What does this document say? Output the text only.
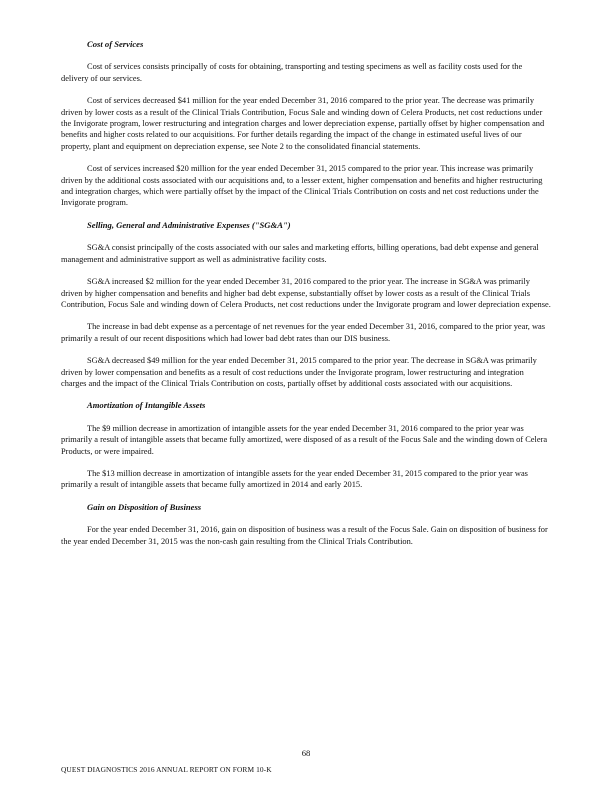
Cost of Services

Cost of services consists principally of costs for obtaining, transporting and testing specimens as well as facility costs used for the delivery of our services.

Cost of services decreased $41 million for the year ended December 31, 2016 compared to the prior year. The decrease was primarily driven by lower costs as a result of the Clinical Trials Contribution, Focus Sale and winding down of Celera Products, net cost reductions under the Invigorate program, lower restructuring and integration charges and lower depreciation expense, partially offset by higher compensation and benefits and higher costs related to our acquisitions. For further details regarding the impact of the change in estimated useful lives of our property, plant and equipment on depreciation expense, see Note 2 to the consolidated financial statements.

Cost of services increased $20 million for the year ended December 31, 2015 compared to the prior year. This increase was primarily driven by the additional costs associated with our acquisitions and, to a lesser extent, higher compensation and benefits and higher restructuring and integration charges, which were partially offset by the impact of the Clinical Trials Contribution on costs and net cost reductions under the Invigorate program.

Selling, General and Administrative Expenses ("SG&A")

SG&A consist principally of the costs associated with our sales and marketing efforts, billing operations, bad debt expense and general management and administrative support as well as administrative facility costs.

SG&A increased $2 million for the year ended December 31, 2016 compared to the prior year. The increase in SG&A was primarily driven by higher compensation and benefits and higher bad debt expense, substantially offset by lower costs as a result of the Clinical Trials Contribution, Focus Sale and winding down of Celera Products, net cost reductions under the Invigorate program and lower depreciation expense.

The increase in bad debt expense as a percentage of net revenues for the year ended December 31, 2016, compared to the prior year, was primarily a result of our recent dispositions which had lower bad debt rates than our DIS business.

SG&A decreased $49 million for the year ended December 31, 2015 compared to the prior year. The decrease in SG&A was primarily driven by lower compensation and benefits as a result of cost reductions under the Invigorate program, lower restructuring and integration charges and the impact of the Clinical Trials Contribution on costs, partially offset by additional costs associated with our acquisitions.

Amortization of Intangible Assets

The $9 million decrease in amortization of intangible assets for the year ended December 31, 2016 compared to the prior year was primarily a result of intangible assets that became fully amortized, were disposed of as a result of the Focus Sale and the winding down of Celera Products, or were impaired.

The $13 million decrease in amortization of intangible assets for the year ended December 31, 2015 compared to the prior year was primarily a result of intangible assets that became fully amortized in 2014 and early 2015.

Gain on Disposition of Business

For the year ended December 31, 2016, gain on disposition of business was a result of the Focus Sale. Gain on disposition of business for the year ended December 31, 2015 was the non-cash gain resulting from the Clinical Trials Contribution.

68
QUEST DIAGNOSTICS 2016 ANNUAL REPORT ON FORM 10-K
